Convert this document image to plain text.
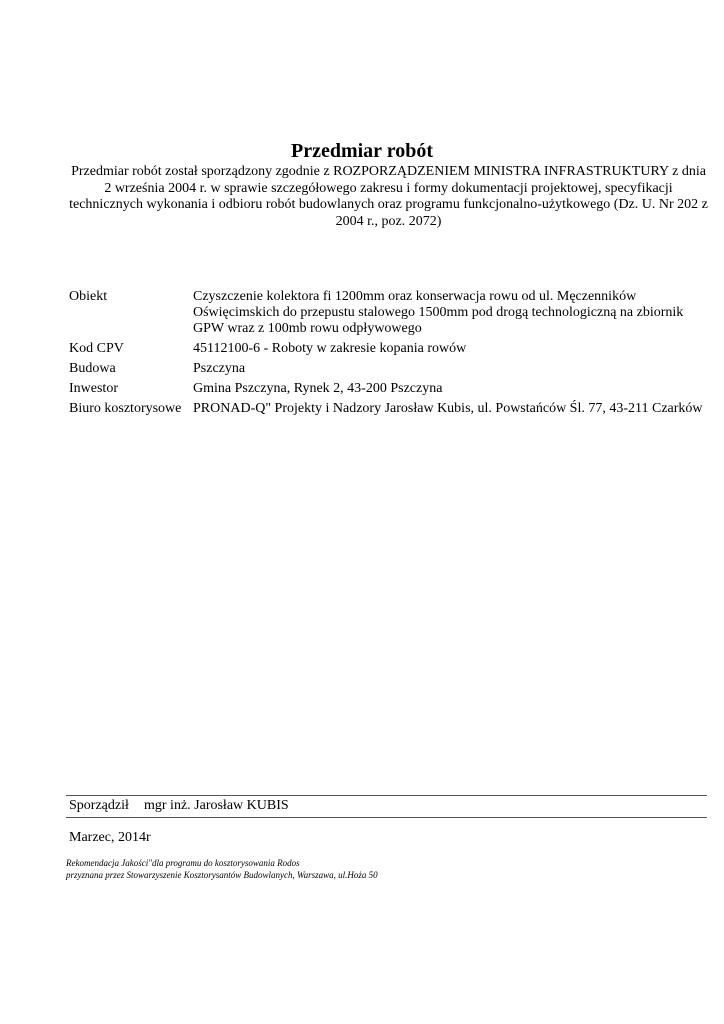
Przedmiar robót
Przedmiar robót został sporządzony zgodnie z ROZPORZĄDZENIEM MINISTRA INFRASTRUKTURY z dnia 2 września 2004 r. w sprawie szczegółowego zakresu i formy dokumentacji projektowej, specyfikacji technicznych wykonania i odbioru robót budowlanych oraz programu funkcjonalno-użytkowego (Dz. U. Nr 202 z 2004 r., poz. 2072)
Obiekt	Czyszczenie kolektora fi 1200mm oraz konserwacja rowu od ul. Męczenników Oświęcimskich do przepustu stalowego 1500mm pod drogą technologiczną na zbiornik GPW wraz z 100mb rowu odpływowego
Kod CPV	45112100-6 - Roboty w zakresie kopania rowów
Budowa	Pszczyna
Inwestor	Gmina Pszczyna, Rynek 2, 43-200 Pszczyna
Biuro kosztorysowe	PRONAD-Q" Projekty i Nadzory Jarosław Kubis, ul. Powstańców Śl. 77, 43-211 Czarków
Sporządził mgr inż. Jarosław KUBIS
Marzec, 2014r
Rekomendacja Jakości"dla programu do kosztorysowania Rodos
przyznana przez Stowarzyszenie Kosztorysantów Budowlanych, Warszawa, ul.Hoża 50
